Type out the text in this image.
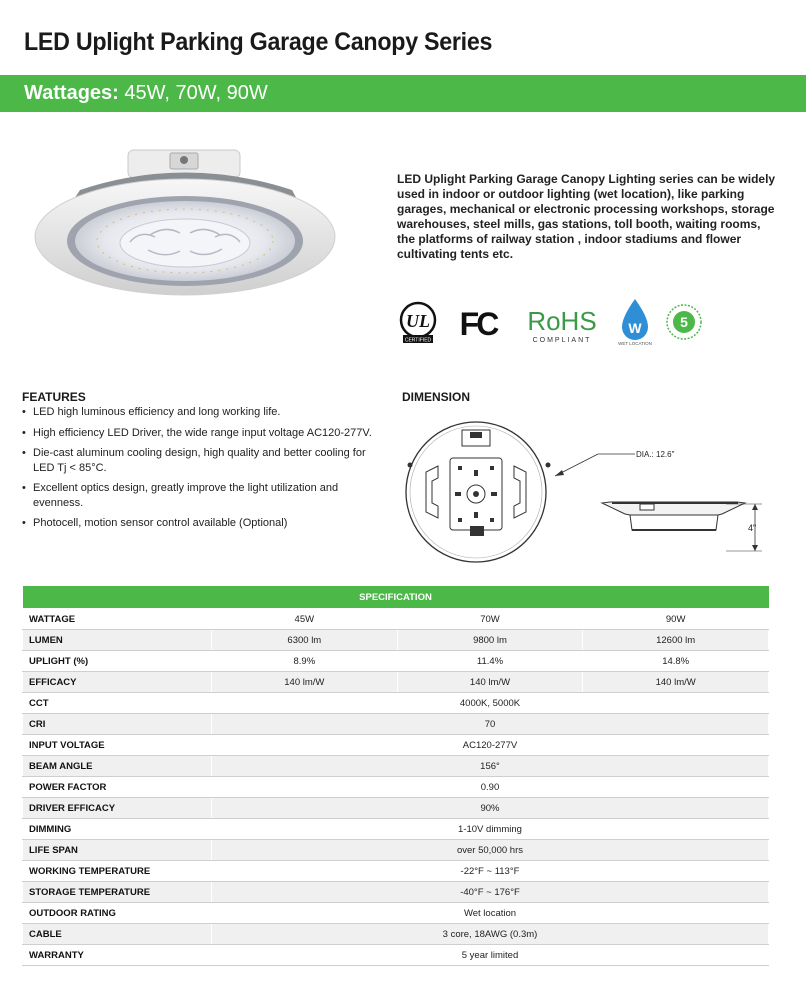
LED Uplight Parking Garage Canopy Series
Wattages: 45W, 70W, 90W
LED Uplight Parking Garage Canopy Lighting series can be widely used in indoor or outdoor lighting (wet location), like parking garages, mechanical or electronic processing workshops, storage warehouses, steel mills, gas stations, toll booth, waiting rooms, the platforms of railway station , indoor stadiums and flower cultivating tents etc.
UL
CERTIFIED FC RoHS
COMPLIANT
W
WET LOCATION
5
FEATURES
• LED high luminous efficiency and long working life.
• High efficiency LED Driver, the wide range input voltage AC120-277V.
• Die-cast aluminum cooling design, high quality and better cooling for LED Tj < 85°C.
• Excellent optics design, greatly improve the light utilization and evenness.
• Photocell, motion sensor control available (Optional)
DIMENSION
DIA.: 12.6"
4"
SPECIFICATION			
WATTAGE	45W	70W	90W
LUMEN	6300 lm	9800 lm	12600 lm
UPLIGHT (%)	8.9%	11.4%	14.8%
EFFICACY	140 lm/W	140 lm/W	140 lm/W
CCT	4000K, 5000K		
CRI	70		
INPUT VOLTAGE	AC120-277V		
BEAM ANGLE	156°		
POWER FACTOR	0.90		
DRIVER EFFICACY	90%		
DIMMING	1-10V dimming		
LIFE SPAN	over 50,000 hrs		
WORKING TEMPERATURE	-22°F ~ 113°F		
STORAGE TEMPERATURE	-40°F ~ 176°F		
OUTDOOR RATING	Wet location		
CABLE	3 core, 18AWG (0.3m)		
WARRANTY	5 year limited		
